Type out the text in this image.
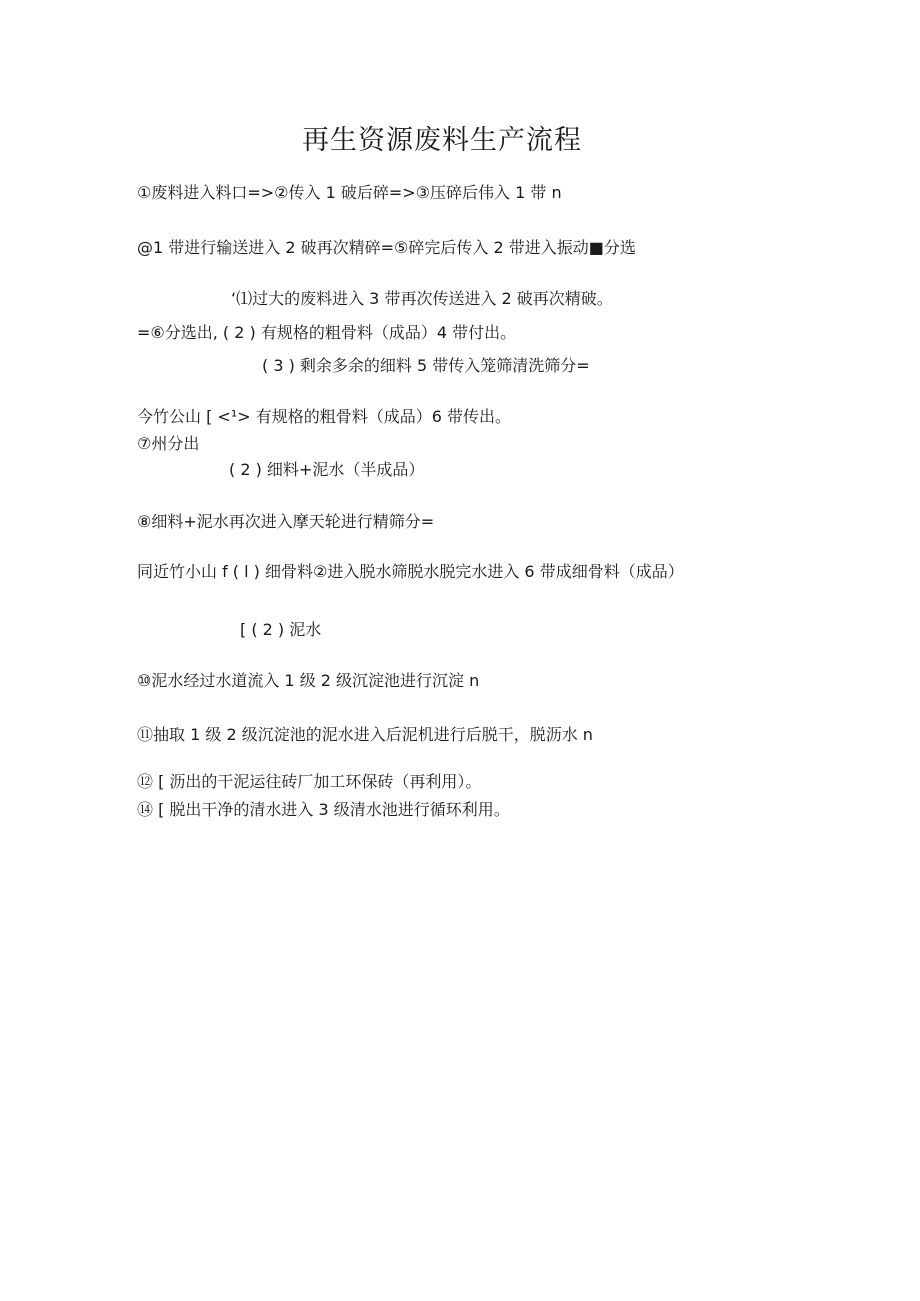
再生资源废料生产流程
①废料进入料口=>②传入 1 破后碎=>③压碎后伟入 1 带 n
@1 带进行输送进入 2 破再次精碎=⑤碎完后传入 2 带进入振动■分选
‘⑴过大的废料进入 3 带再次传送进入 2 破再次精破。
=⑥分选出, ( 2 ) 有规格的粗骨料（成品）4 带付出。
( 3 ) 剩余多余的细料 5 带传入笼筛清洗筛分=
今竹公山 [ <¹> 有规格的粗骨料（成品）6 带传出。
⑦州分出
( 2 ) 细料+泥水（半成品）
⑧细料+泥水再次进入摩天轮进行精筛分=
同近竹小山 f ( l ) 细骨料②进入脱水筛脱水脱完水进入 6 带成细骨料（成品）
[ ( 2 ) 泥水
⑩泥水经过水道流入 1 级 2 级沉淀池进行沉淀 n
⑪抽取 1 级 2 级沉淀池的泥水进入后泥机进行后脱干，脱沥水 n
⑫ [ 沥出的干泥运往砖厂加工环保砖（再利用）。
⑭ [ 脱出干净的清水进入 3 级清水池进行循环利用。
